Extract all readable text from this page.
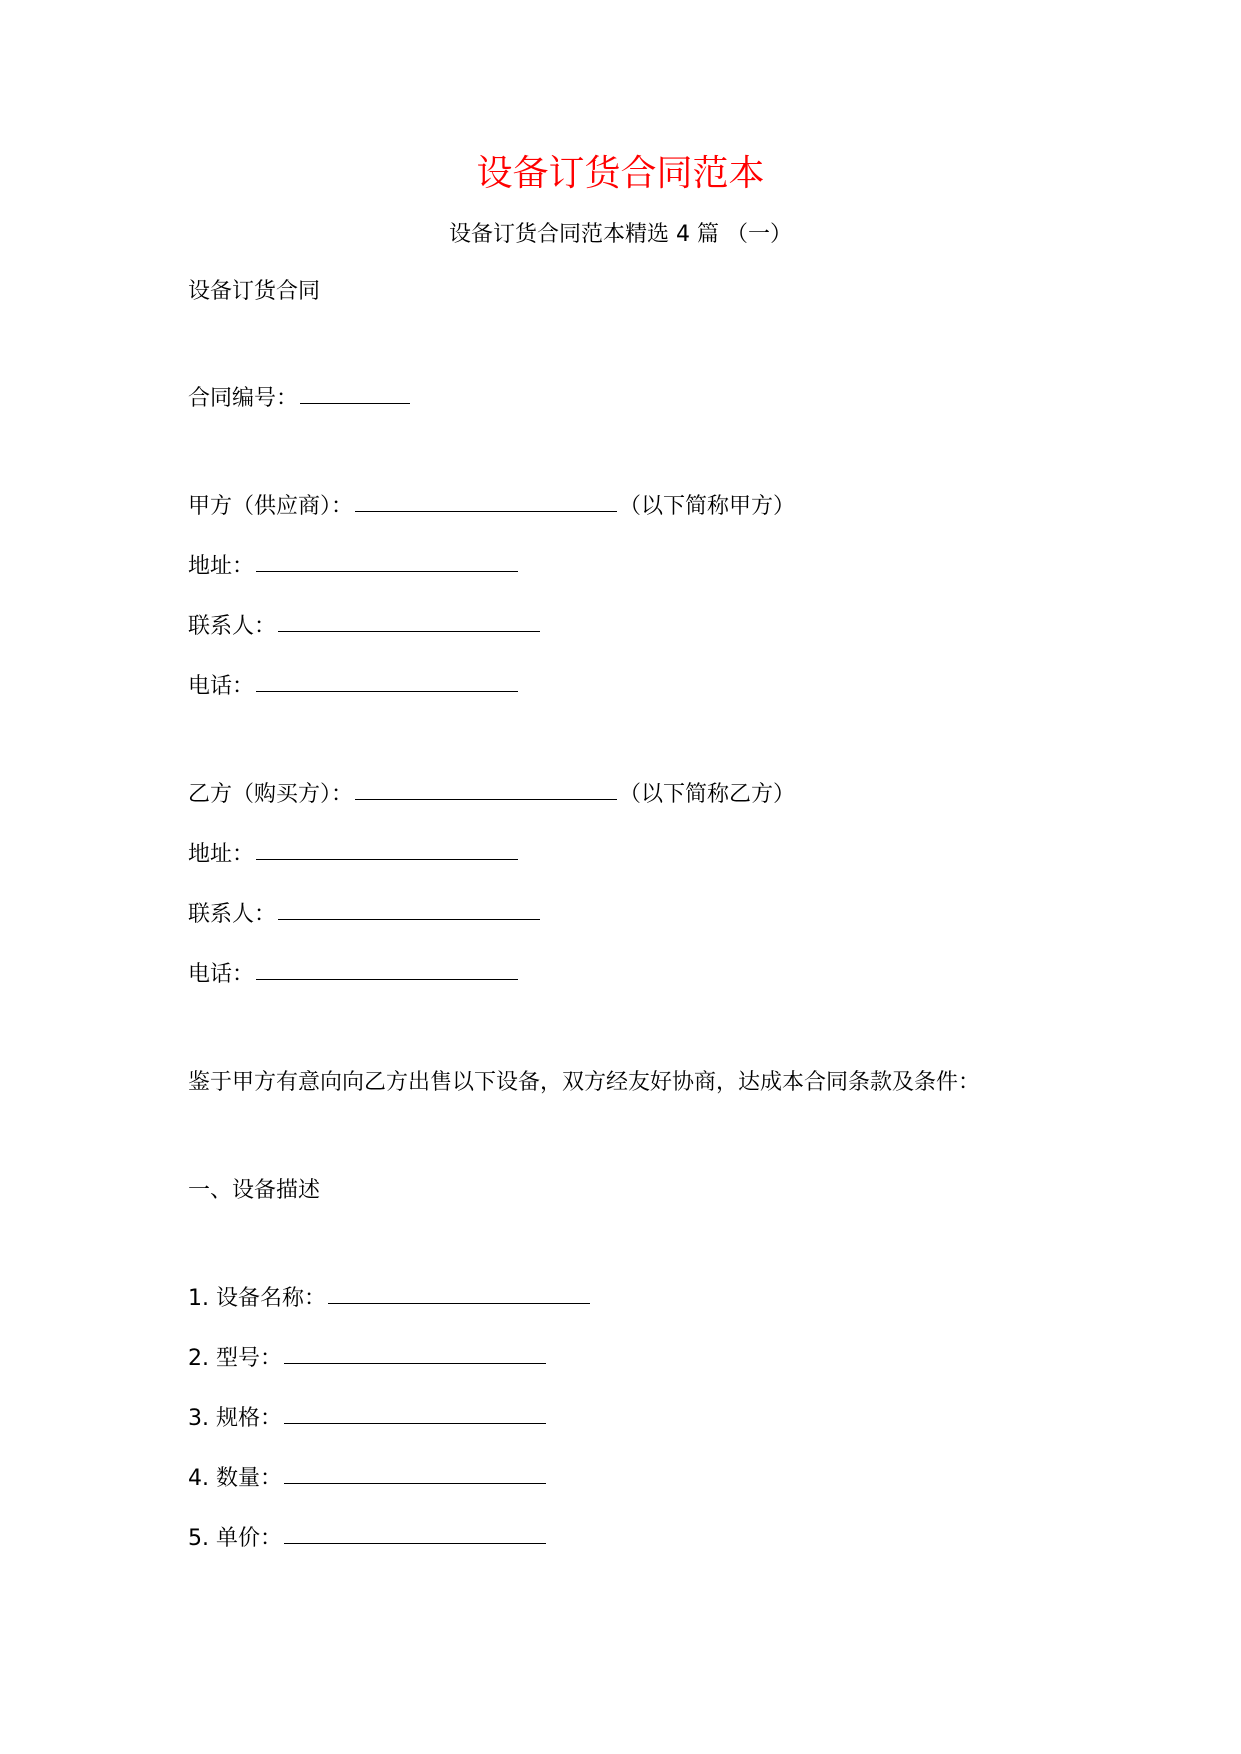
设备订货合同范本
设备订货合同范本精选 4 篇 （一）
设备订货合同
合同编号：
甲方（供应商）：	（以下简称甲方）
地址：
联系人：
电话：
乙方（购买方）：	（以下简称乙方）
地址：
联系人：
电话：
鉴于甲方有意向向乙方出售以下设备，双方经友好协商，达成本合同条款及条件：
一、设备描述
1. 设备名称：
2. 型号：
3. 规格：
4. 数量：
5. 单价：
